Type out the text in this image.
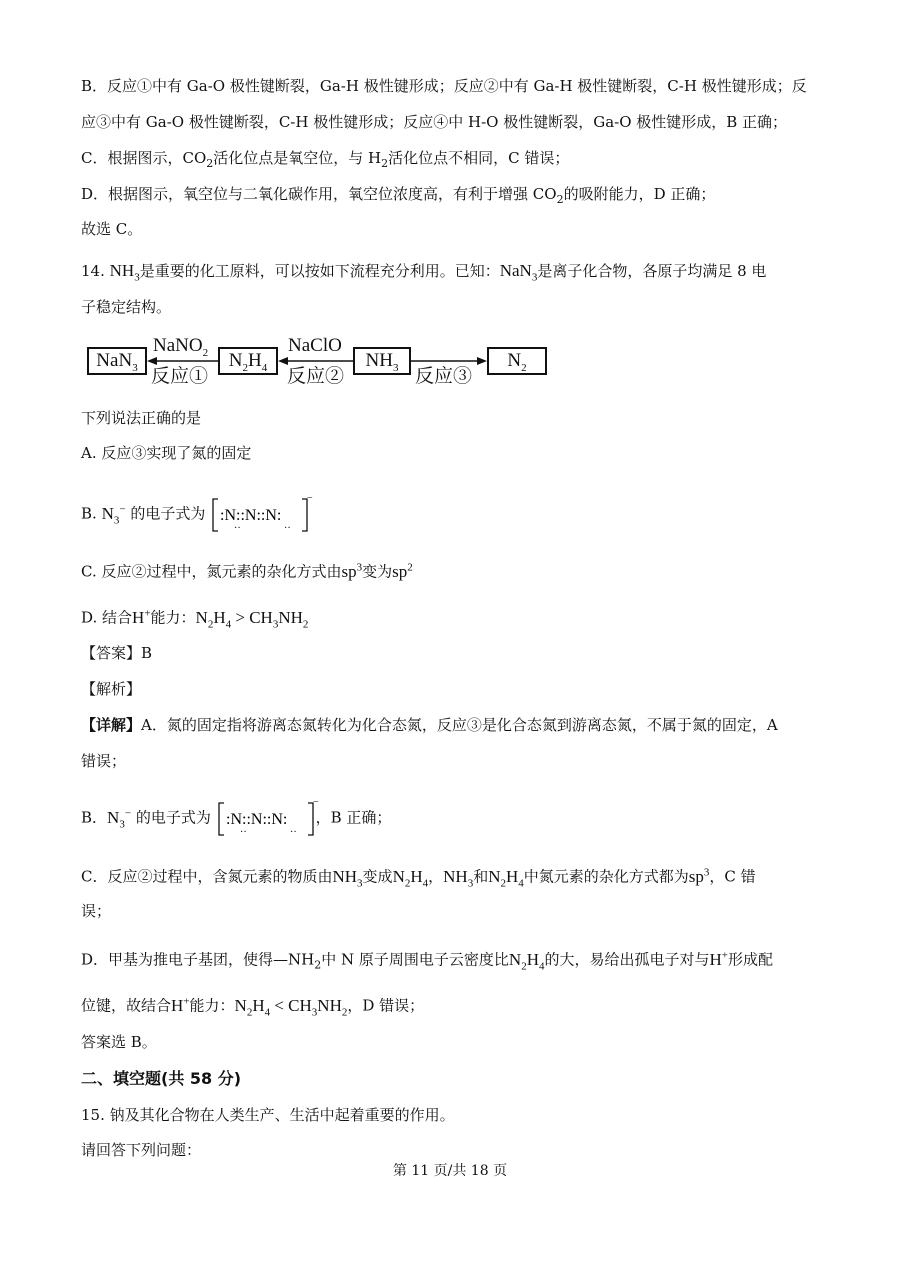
B．反应①中有 Ga-O 极性键断裂，Ga-H 极性键形成；反应②中有 Ga-H 极性键断裂，C-H 极性键形成；反
应③中有 Ga-O 极性键断裂，C-H 极性键形成；反应④中 H-O 极性键断裂，Ga-O 极性键形成，B 正确；
C．根据图示，$CO_2$活化位点是氧空位，与 $H_2$活化位点不相同，C 错误；
D．根据图示，氧空位与二氧化碳作用，氧空位浓度高，有利于增强 $CO_2$的吸附能力，D 正确；
故选 C。
14. $NH_3$是重要的化工原料，可以按如下流程充分利用。已知：NaN$_3$是离子化合物，各原子均满足 8 电
子稳定结构。
NaN$_3$	$N_2H_4$	$NH_3$	$N_2$
NaNO$_2$
反应①
NaClO
反应②	反应③
下列说法正确的是
A. 反应③实现了氮的固定
B. $N_3^-$ 的电子式为
−
:N::N::N:
··	··
C. 反应②过程中，氮元素的杂化方式由$sp^3$变为$sp^2$
D. 结合H+能力：$N_2H_4 > CH_3NH_2$
【答案】B
【解析】
【详解】A．氮的固定指将游离态氮转化为化合态氮，反应③是化合态氮到游离态氮，不属于氮的固定，A
错误；
B．$N_3^-$ 的电子式为
−
:N::N::N:
··	··
，B 正确；
C．反应②过程中，含氮元素的物质由$NH_3$变成$N_2H_4$，$NH_3$和$N_2H_4$中氮元素的杂化方式都为$sp^3$，C 错
误；
D．甲基为推电子基团，使得$—NH_2$中 N 原子周围电子云密度比$N_2H_4$的大，易给出孤电子对与H+形成配
位键，故结合H+能力：$N_2H_4 < CH_3NH_2$，D 错误；
答案选 B。
二、填空题(共 58 分)
15. 钠及其化合物在人类生产、生活中起着重要的作用。
请回答下列问题：
第 11 页/共 18 页
